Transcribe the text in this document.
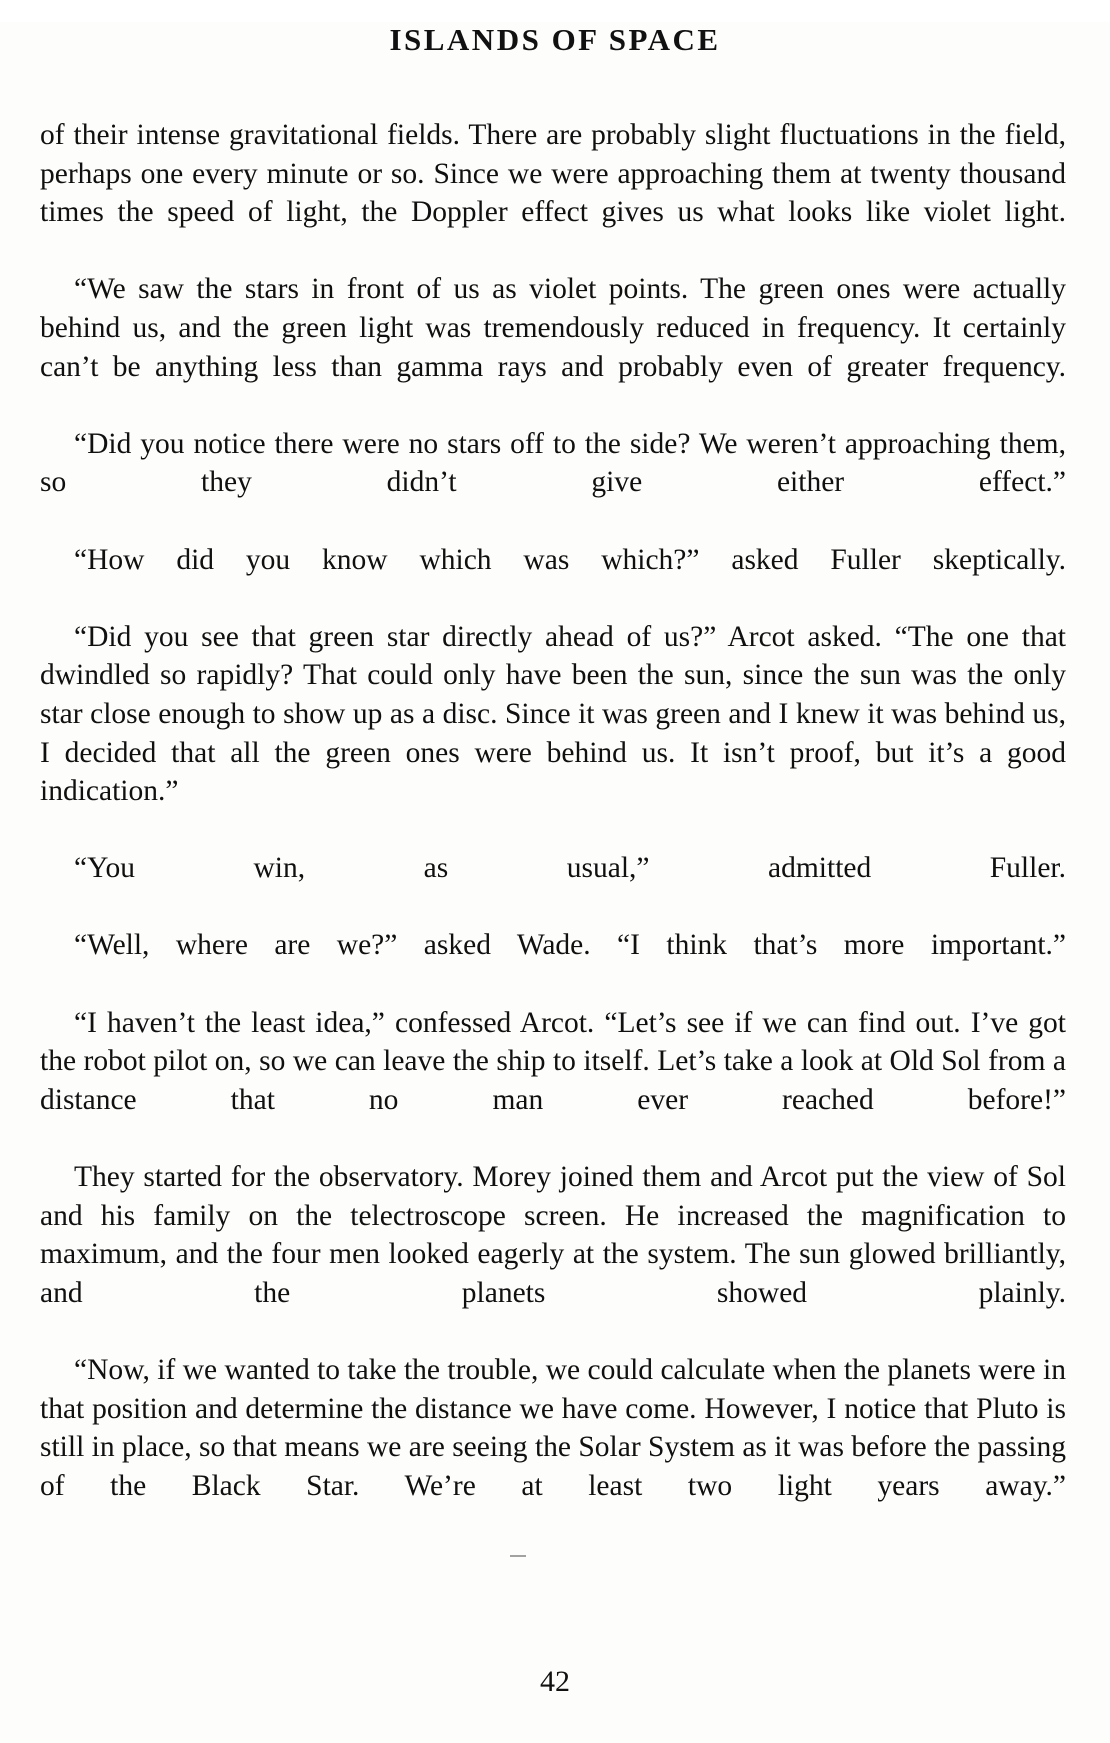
ISLANDS OF SPACE

of their intense gravitational fields. There are probably slight fluctuations in the field, perhaps one every minute or so. Since we were approaching them at twenty thousand times the speed of light, the Doppler effect gives us what looks like violet light.

“We saw the stars in front of us as violet points. The green ones were actually behind us, and the green light was tremendously reduced in frequency. It certainly can’t be anything less than gamma rays and probably even of greater frequency.

“Did you notice there were no stars off to the side? We weren’t approaching them, so they didn’t give either effect.”

“How did you know which was which?” asked Fuller skeptically.

“Did you see that green star directly ahead of us?” Arcot asked. “The one that dwindled so rapidly? That could only have been the sun, since the sun was the only star close enough to show up as a disc. Since it was green and I knew it was behind us, I decided that all the green ones were behind us. It isn’t proof, but it’s a good indication.”

“You win, as usual,” admitted Fuller.

“Well, where are we?” asked Wade. “I think that’s more important.”

“I haven’t the least idea,” confessed Arcot. “Let’s see if we can find out. I’ve got the robot pilot on, so we can leave the ship to itself. Let’s take a look at Old Sol from a distance that no man ever reached before!”

They started for the observatory. Morey joined them and Arcot put the view of Sol and his family on the telectroscope screen. He increased the magnification to maximum, and the four men looked eagerly at the system. The sun glowed brilliantly, and the planets showed plainly.

“Now, if we wanted to take the trouble, we could calculate when the planets were in that position and determine the distance we have come. However, I notice that Pluto is still in place, so that means we are seeing the Solar System as it was before the passing of the Black Star. We’re at least two light years away.”

42
